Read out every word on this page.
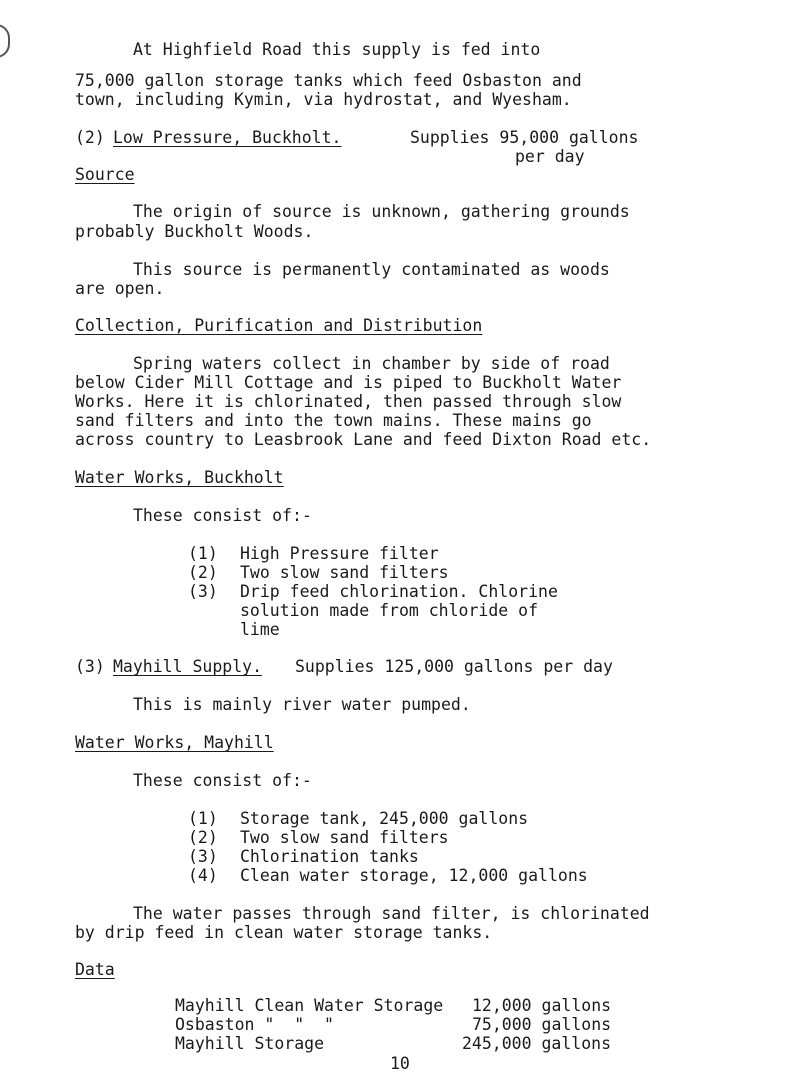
At Highfield Road this supply is fed into
75,000 gallon storage tanks which feed Osbaston and
town, including Kymin, via hydrostat, and Wyesham.
(2) Low Pressure, Buckholt.	Supplies 95,000 gallons
per day
Source
The origin of source is unknown, gathering grounds
probably Buckholt Woods.
This source is permanently contaminated as woods
are open.
Collection, Purification and Distribution
Spring waters collect in chamber by side of road
below Cider Mill Cottage and is piped to Buckholt Water
Works. Here it is chlorinated, then passed through slow
sand filters and into the town mains. These mains go
across country to Leasbrook Lane and feed Dixton Road etc.
Water Works, Buckholt
These consist of:-
(1) High Pressure filter
(2) Two slow sand filters
(3) Drip feed chlorination. Chlorine
solution made from chloride of
lime
(3) Mayhill Supply. Supplies 125,000 gallons per day
This is mainly river water pumped.
Water Works, Mayhill
These consist of:-
(1) Storage tank, 245,000 gallons
(2) Two slow sand filters
(3) Chlorination tanks
(4) Clean water storage, 12,000 gallons
The water passes through sand filter, is chlorinated
by drip feed in clean water storage tanks.
Data
Mayhill Clean Water Storage 12,000 gallons
Osbaston "  "  "	75,000 gallons
Mayhill Storage	245,000 gallons
10
